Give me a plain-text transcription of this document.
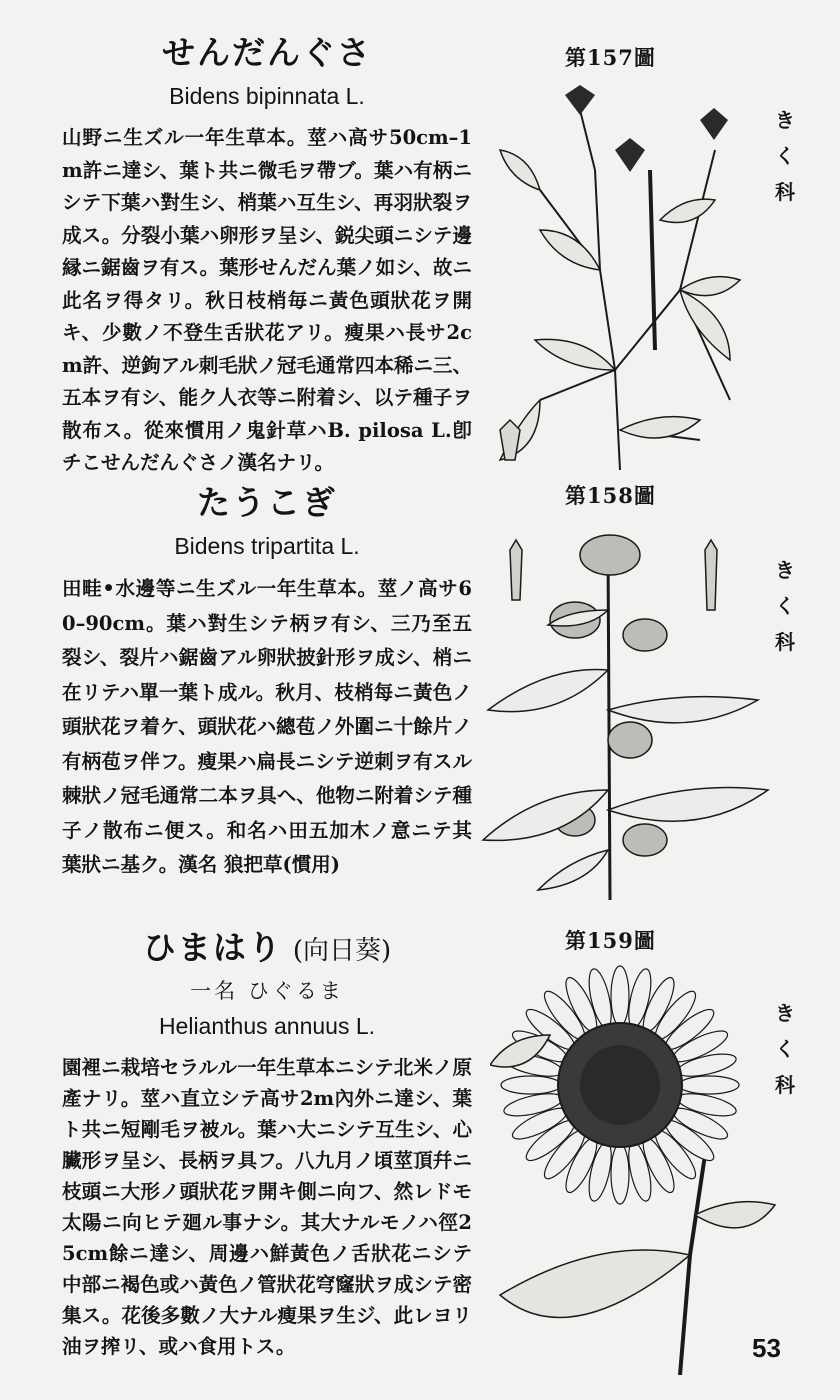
せんだんぐさ
Bidens bipinnata L.

山野ニ生ズル一年生草本。莖ハ高サ50cm–1m許ニ達シ、葉ト共ニ微毛ヲ帶ブ。葉ハ有柄ニシテ下葉ハ對生シ、梢葉ハ互生シ、再羽狀裂ヲ成ス。分裂小葉ハ卵形ヲ呈シ、鋭尖頭ニシテ邊縁ニ鋸齒ヲ有ス。葉形せんだん葉ノ如シ、故ニ此名ヲ得タリ。秋日枝梢毎ニ黃色頭狀花ヲ開キ、少數ノ不登生舌狀花アリ。瘦果ハ長サ2cm許、逆鉤アル刺毛狀ノ冠毛通常四本稀ニ三、五本ヲ有シ、能ク人衣等ニ附着シ、以テ種子ヲ散布ス。從來慣用ノ鬼針草ハB. pilosa L.卽チこせんだんぐさノ漢名ナリ。

第157圖
きく科
たうこぎ
Bidens tripartita L.

田畦•水邊等ニ生ズル一年生草本。莖ノ高サ60–90cm。葉ハ對生シテ柄ヲ有シ、三乃至五裂シ、裂片ハ鋸齒アル卵狀披針形ヲ成シ、梢ニ在リテハ單一葉ト成ル。秋月、枝梢每ニ黃色ノ頭狀花ヲ着ケ、頭狀花ハ總苞ノ外圍ニ十餘片ノ有柄苞ヲ伴フ。瘦果ハ扁長ニシテ逆刺ヲ有スル棘狀ノ冠毛通常二本ヲ具ヘ、他物ニ附着シテ種子ノ散布ニ便ス。和名ハ田五加木ノ意ニテ其葉狀ニ基ク。漢名 狼把草(慣用)

第158圖
きく科
ひまはり (向日葵)
一名 ひぐるま
Helianthus annuus L.

園裡ニ栽培セラルル一年生草本ニシテ北米ノ原產ナリ。莖ハ直立シテ高サ2m內外ニ達シ、葉ト共ニ短剛毛ヲ被ル。葉ハ大ニシテ互生シ、心臟形ヲ呈シ、長柄ヲ具フ。八九月ノ頃莖頂幷ニ枝頭ニ大形ノ頭狀花ヲ開キ側ニ向フ、然レドモ太陽ニ向ヒテ廻ル事ナシ。其大ナルモノハ徑25cm餘ニ達シ、周邊ハ鮮黃色ノ舌狀花ニシテ中部ニ褐色或ハ黃色ノ管狀花穹窿狀ヲ成シテ密集ス。花後多數ノ大ナル瘦果ヲ生ジ、此レヨリ油ヲ搾リ、或ハ食用トス。

第159圖
きく科
53
